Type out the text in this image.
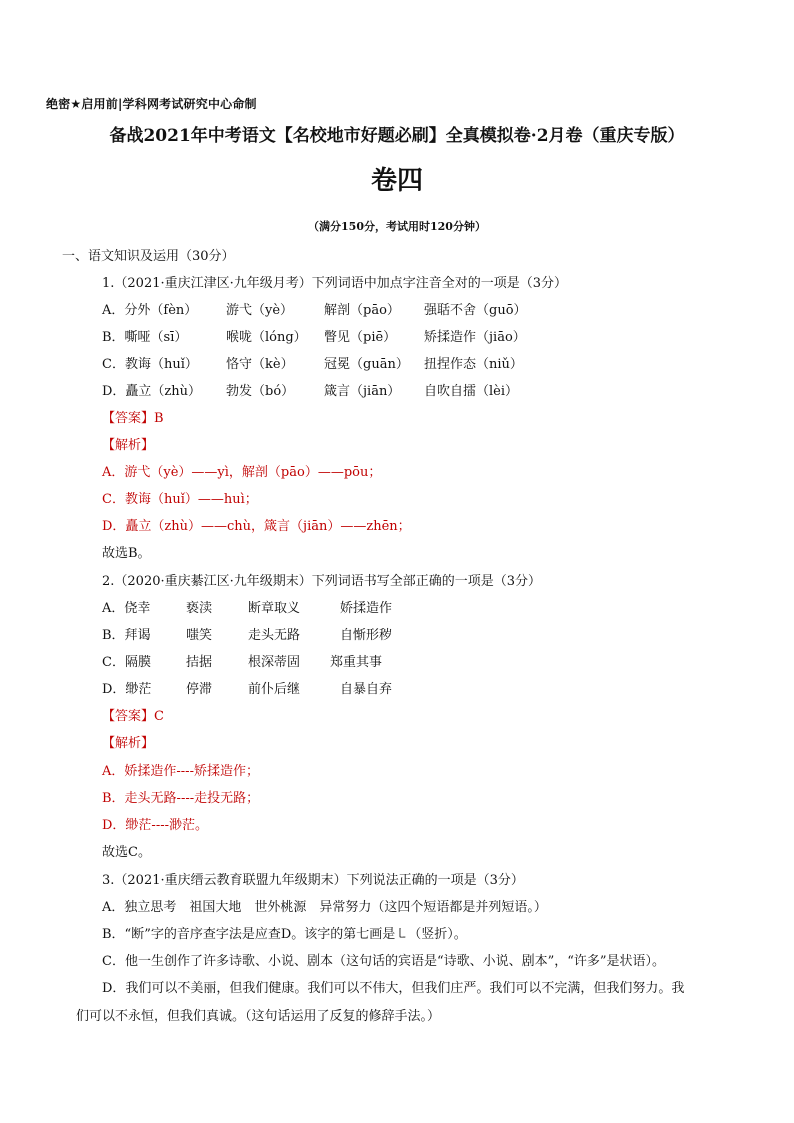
绝密★启用前|学科网考试研究中心命制
备战2021年中考语文【名校地市好题必刷】全真模拟卷·2月卷（重庆专版）
卷四
（满分150分，考试用时120分钟）
一、语文知识及运用（30分）
1.（2021·重庆江津区·九年级月考）下列词语中加点字注音全对的一项是（3分）
A．分外（fèn） 游弋（yè） 解剖（pāo） 强聒不舍（guō）
B．嘶哑（sī）	喉咙（lóng） 瞥见（piē） 矫揉造作（jiāo）
C．教诲（huǐ） 恪守（kè） 冠冕（guān） 扭捏作态（niǔ）
D．矗立（zhù） 勃发（bó） 箴言（jiān） 自吹自擂（lèi）
【答案】B
【解析】
A．游弋（yè）——yì，解剖（pāo）——pōu；
C．教诲（huǐ）——huì；
D．矗立（zhù）——chù，箴言（jiān）——zhēn；
故选B。
2.（2020·重庆綦江区·九年级期末）下列词语书写全部正确的一项是（3分）
A．侥幸	亵渎	断章取义	娇揉造作
B．拜谒	嗤笑	走头无路	自惭形秽
C．隔膜	拮据	根深蒂固 郑重其事
D．缈茫	停滞	前仆后继	自暴自弃
【答案】C
【解析】
A．娇揉造作----矫揉造作；
B．走头无路----走投无路；
D．缈茫----渺茫。
故选C。
3.（2021·重庆缙云教育联盟九年级期末）下列说法正确的一项是（3分）
A．独立思考　祖国大地　世外桃源　异常努力（这四个短语都是并列短语。）
B．“断”字的音序查字法是应查D。该字的第七画是㇄（竖折）。
C．他一生创作了许多诗歌、小说、剧本（这句话的宾语是“诗歌、小说、剧本”，“许多”是状语）。
D．我们可以不美丽，但我们健康。我们可以不伟大，但我们庄严。我们可以不完满，但我们努力。我
们可以不永恒，但我们真诚。（这句话运用了反复的修辞手法。）
